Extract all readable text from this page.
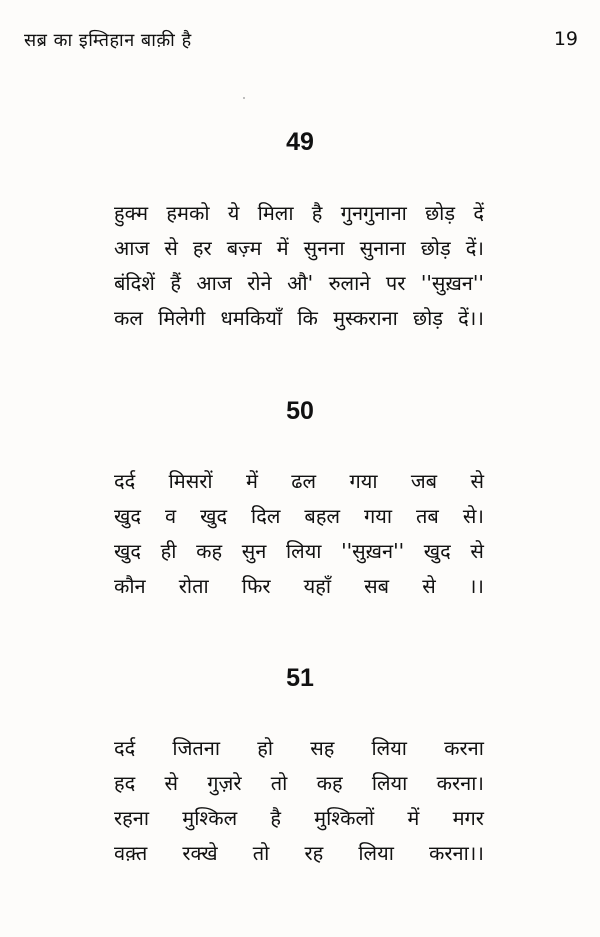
सब्र का इम्तिहान बाक़ी है	19
49
हुक्म हमको ये मिला है गुनगुनाना छोड़ दें
आज से हर बज़्म में सुनना सुनाना छोड़ दें।
बंदिशें हैं आज रोने औ' रुलाने पर ''सुख़न''
कल मिलेगी धमकियाँ कि मुस्कराना छोड़ दें।।
50
दर्द मिसरों में ढल गया जब से
खुद व खुद दिल बहल गया तब से।
खुद ही कह सुन लिया ''सुख़न'' खुद से
कौन रोता फिर यहाँ सब से ।।
51
दर्द जितना हो सह लिया करना
हद से गुज़रे तो कह लिया करना।
रहना मुश्किल है मुश्किलों में मगर
वक़्त रक्खे तो रह लिया करना।।
